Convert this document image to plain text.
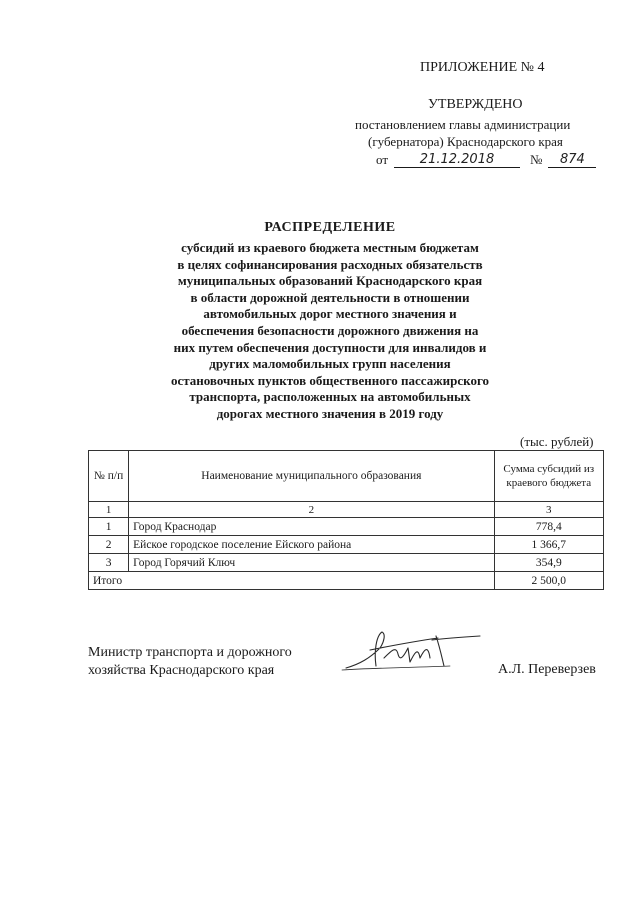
ПРИЛОЖЕНИЕ № 4
УТВЕРЖДЕНО
постановлением главы администрации
(губернатора) Краснодарского края
от	21.12.2018	№	874
РАСПРЕДЕЛЕНИЕ
субсидий из краевого бюджета местным бюджетам
в целях софинансирования расходных обязательств
муниципальных образований Краснодарского края
в области дорожной деятельности в отношении
автомобильных дорог местного значения и
обеспечения безопасности дорожного движения на
них путем обеспечения доступности для инвалидов и
других маломобильных групп населения
остановочных пунктов общественного пассажирского
транспорта, расположенных на автомобильных
дорогах местного значения в 2019 году
(тыс. рублей)
№ п/п	Наименование муниципального образования	Сумма субсидий из краевого бюджета
1	2	3
1	Город Краснодар	778,4
2	Ейское городское поселение Ейского района	1 366,7
3	Город Горячий Ключ	354,9
Итого		2 500,0
Министр транспорта и дорожного
хозяйства Краснодарского края	А.Л. Переверзев
